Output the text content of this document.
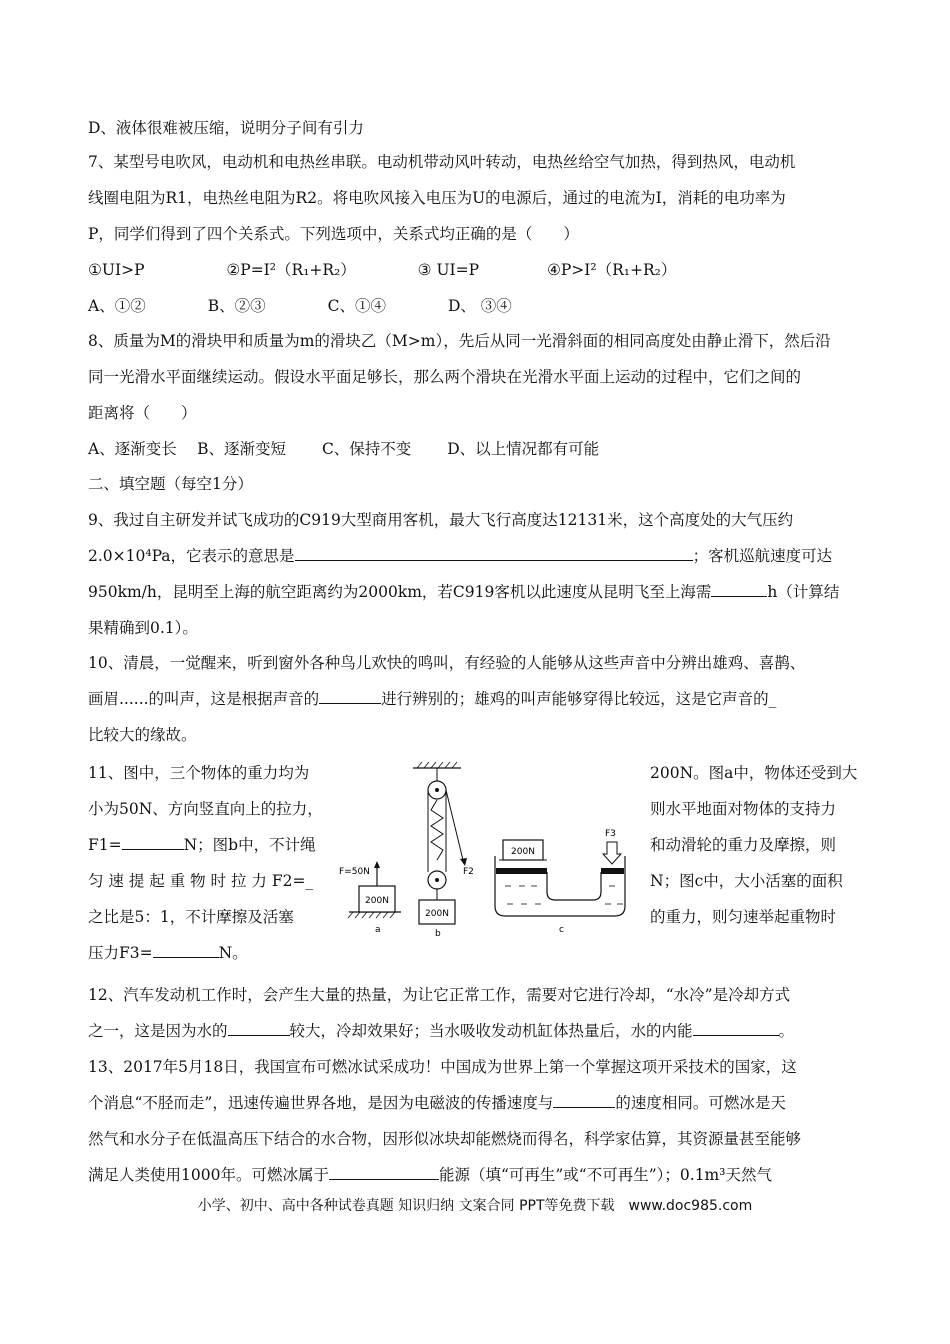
D、液体很难被压缩，说明分子间有引力
7、某型号电吹风，电动机和电热丝串联。电动机带动风叶转动，电热丝给空气加热，得到热风，电动机
线圈电阻为R1，电热丝电阻为R2。将电吹风接入电压为U的电源后，通过的电流为I，消耗的电功率为
P，同学们得到了四个关系式。下列选项中，关系式均正确的是（　　）
①UI>P	②P=I²（R₁+R₂）	③ UI=P	④P>I²（R₁+R₂）
A、①②　　　　B、②③　　　　C、①④　　　　D、 ③④
8、质量为M的滑块甲和质量为m的滑块乙（M>m），先后从同一光滑斜面的相同高度处由静止滑下，然后沿
同一光滑水平面继续运动。假设水平面足够长，那么两个滑块在光滑水平面上运动的过程中，它们之间的
距离将（　　）
A、逐渐变长　 B、逐渐变短　　 C、保持不变　　 D、以上情况都有可能
二、填空题（每空1分）
9、我过自主研发并试飞成功的C919大型商用客机，最大飞行高度达12131米，这个高度处的大气压约
2.0×10⁴Pa，它表示的意思是	；客机巡航速度可达
950km/h，昆明至上海的航空距离约为2000km，若C919客机以此速度从昆明飞至上海需	h（计算结
果精确到0.1）。
10、清晨，一觉醒来，听到窗外各种鸟儿欢快的鸣叫，有经验的人能够从这些声音中分辨出雄鸡、喜鹊、
画眉......的叫声，这是根据声音的	进行辨别的；雄鸡的叫声能够穿得比较远，这是它声音的_
比较大的缘故。
11、图中，三个物体的重力均为	200N。图a中，物体还受到大
小为50N、方向竖直向上的拉力，	则水平地面对物体的支持力
F1=	N；图b中，不计绳	和动滑轮的重力及摩擦，则
匀 速 提 起 重 物 时 拉 力 F2=_	N；图c中，大小活塞的面积
之比是5：1，不计摩擦及活塞	的重力，则匀速举起重物时
压力F3=	N。
200N
F=50N
a
F2
200N
b
200N
F3
c
12、汽车发动机工作时，会产生大量的热量，为让它正常工作，需要对它进行冷却，“水冷”是冷却方式
之一，这是因为水的	较大，冷却效果好；当水吸收发动机缸体热量后，水的内能	。
13、2017年5月18日，我国宣布可燃冰试采成功！中国成为世界上第一个掌握这项开采技术的国家，这
个消息“不胫而走”，迅速传遍世界各地，是因为电磁波的传播速度与	的速度相同。可燃冰是天
然气和水分子在低温高压下结合的水合物，因形似冰块却能燃烧而得名，科学家估算，其资源量甚至能够
满足人类使用1000年。可燃冰属于	能源（填“可再生”或“不可再生”）；0.1m³天然气
小学、初中、高中各种试卷真题 知识归纳 文案合同 PPT等免费下载　www.doc985.com
